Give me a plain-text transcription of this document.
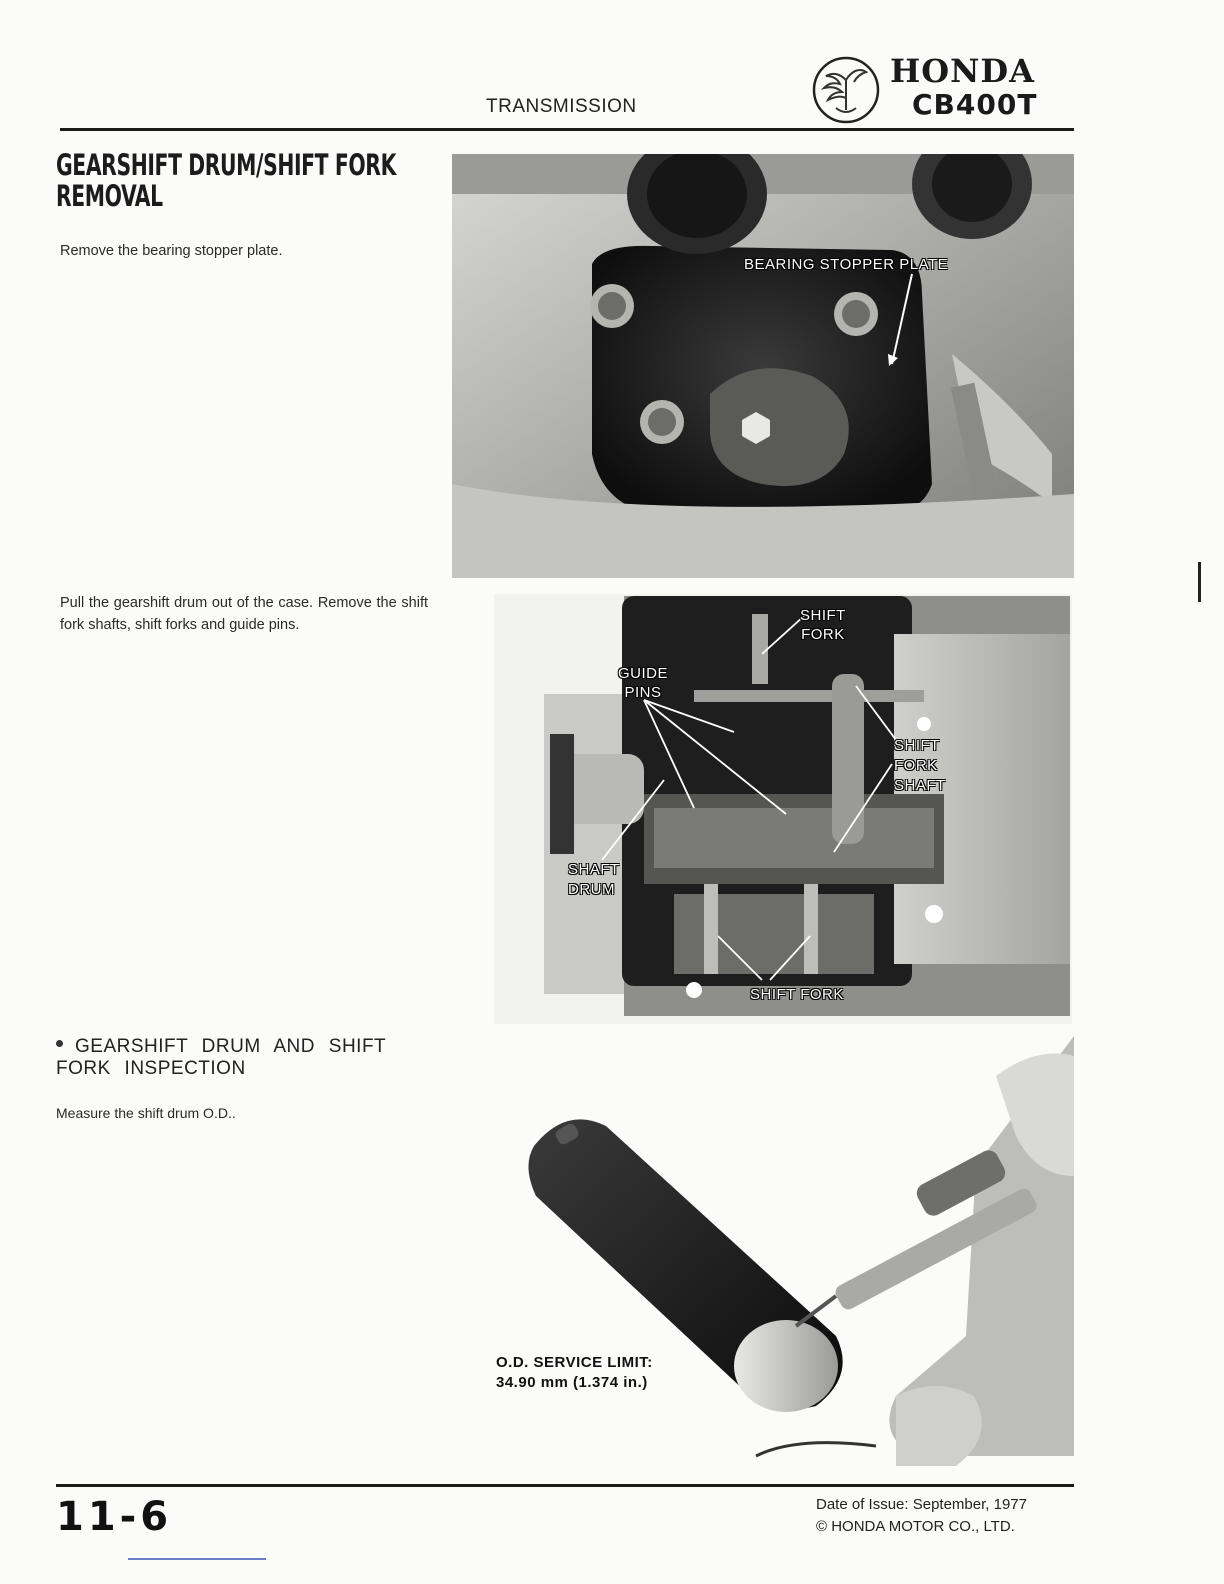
TRANSMISSION
HONDA
CB400T
GEARSHIFT DRUM/SHIFT FORK
REMOVAL
Remove the bearing stopper plate.
Pull the gearshift drum out of the case. Remove the shift fork shafts, shift forks and guide pins.
GEARSHIFT DRUM AND SHIFT FORK INSPECTION
Measure the shift drum O.D..
BEARING STOPPER PLATE
SHIFT
FORK
GUIDE
PINS
SHIFT
FORK
SHAFT
SHAFT
DRUM
SHIFT FORK
O.D. SERVICE LIMIT:
34.90 mm (1.374 in.)
11-6	Date of Issue: September, 1977
© HONDA MOTOR CO., LTD.
